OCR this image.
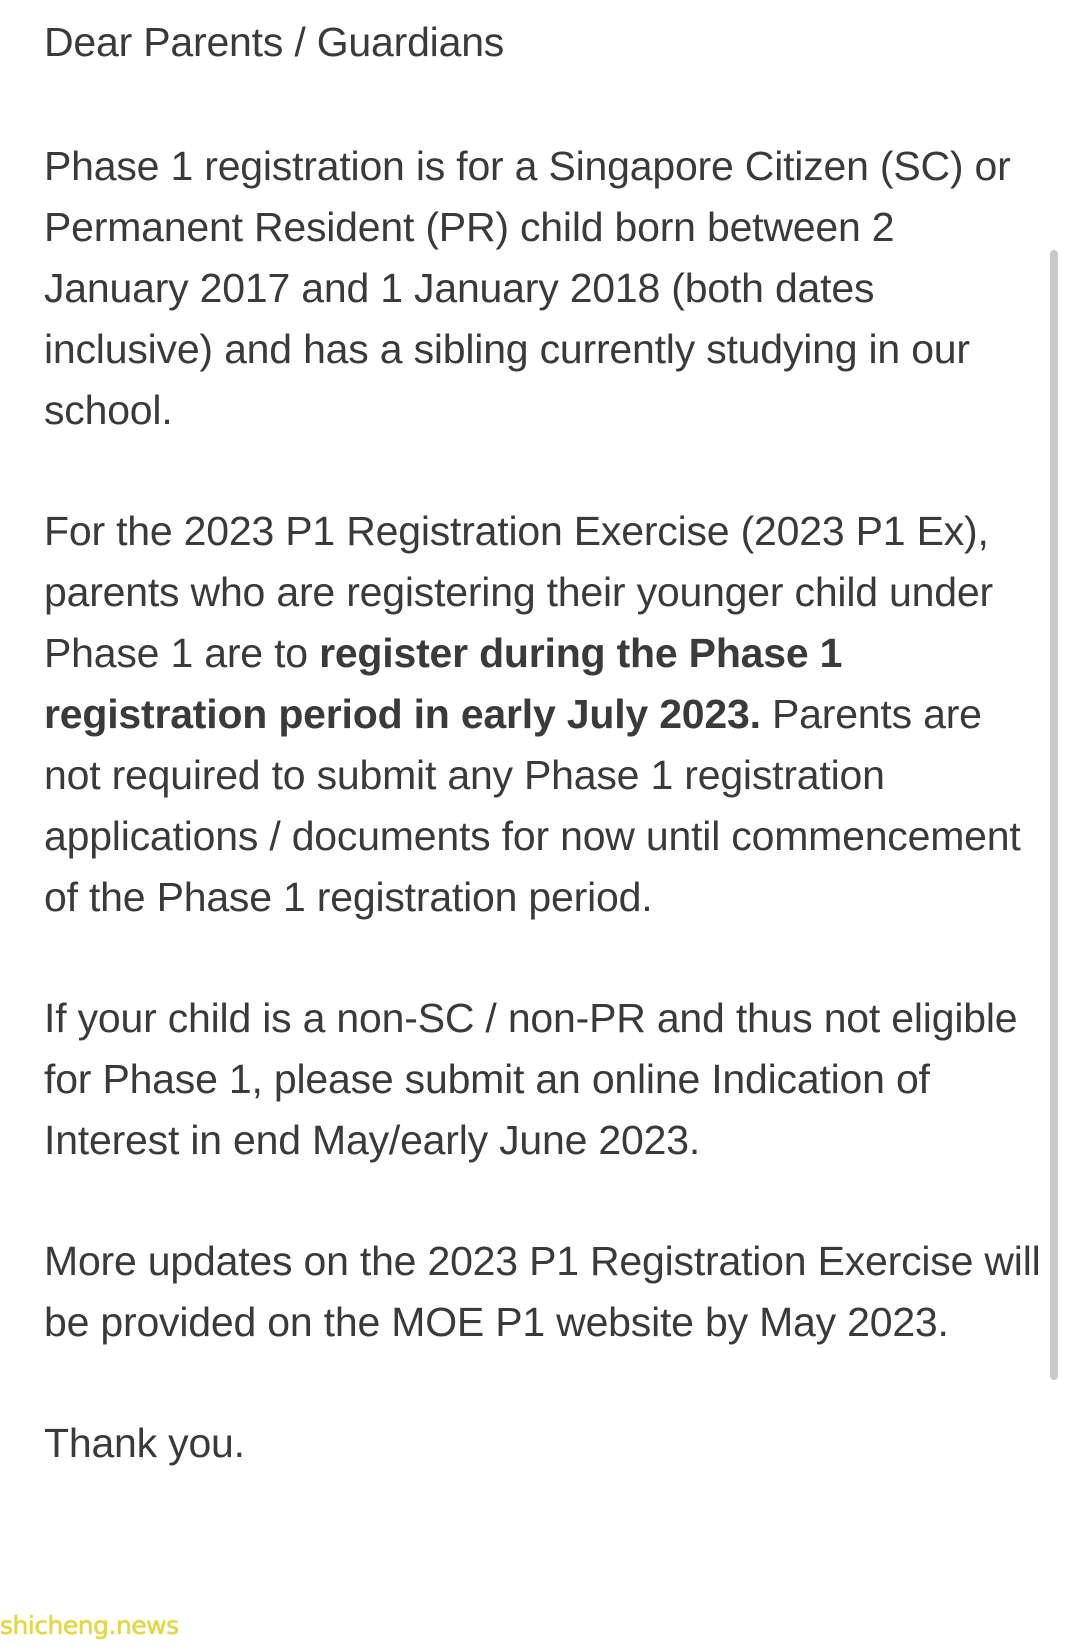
Dear Parents / Guardians

Phase 1 registration is for a Singapore Citizen (SC) or Permanent Resident (PR) child born between 2 January 2017 and 1 January 2018 (both dates inclusive) and has a sibling currently studying in our school.

For the 2023 P1 Registration Exercise (2023 P1 Ex), parents who are registering their younger child under Phase 1 are to register during the Phase 1 registration period in early July 2023. Parents are not required to submit any Phase 1 registration applications / documents for now until commencement of the Phase 1 registration period.

If your child is a non-SC / non-PR and thus not eligible for Phase 1, please submit an online Indication of Interest in end May/early June 2023.

More updates on the 2023 P1 Registration Exercise will be provided on the MOE P1 website by May 2023.

Thank you.

shicheng.news
